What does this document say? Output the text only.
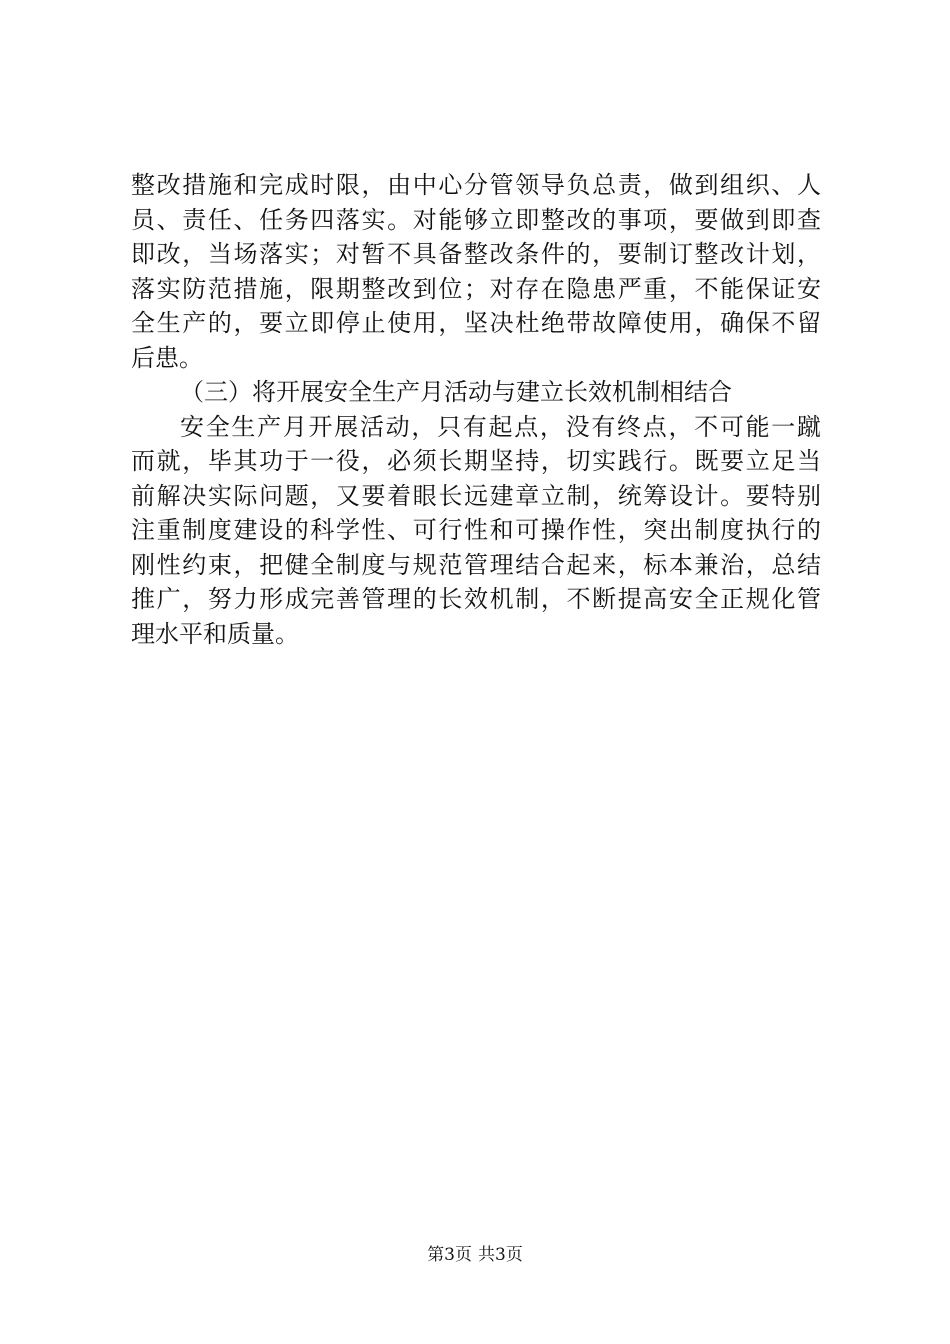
整改措施和完成时限，由中心分管领导负总责，做到组织、人
员、责任、任务四落实。对能够立即整改的事项，要做到即查
即改，当场落实；对暂不具备整改条件的，要制订整改计划，
落实防范措施，限期整改到位；对存在隐患严重，不能保证安
全生产的，要立即停止使用，坚决杜绝带故障使用，确保不留
后患。
（三）将开展安全生产月活动与建立长效机制相结合
安全生产月开展活动，只有起点，没有终点，不可能一蹴
而就，毕其功于一役，必须长期坚持，切实践行。既要立足当
前解决实际问题，又要着眼长远建章立制，统筹设计。要特别
注重制度建设的科学性、可行性和可操作性，突出制度执行的
刚性约束，把健全制度与规范管理结合起来，标本兼治，总结
推广，努力形成完善管理的长效机制，不断提高安全正规化管
理水平和质量。
第3页 共3页
